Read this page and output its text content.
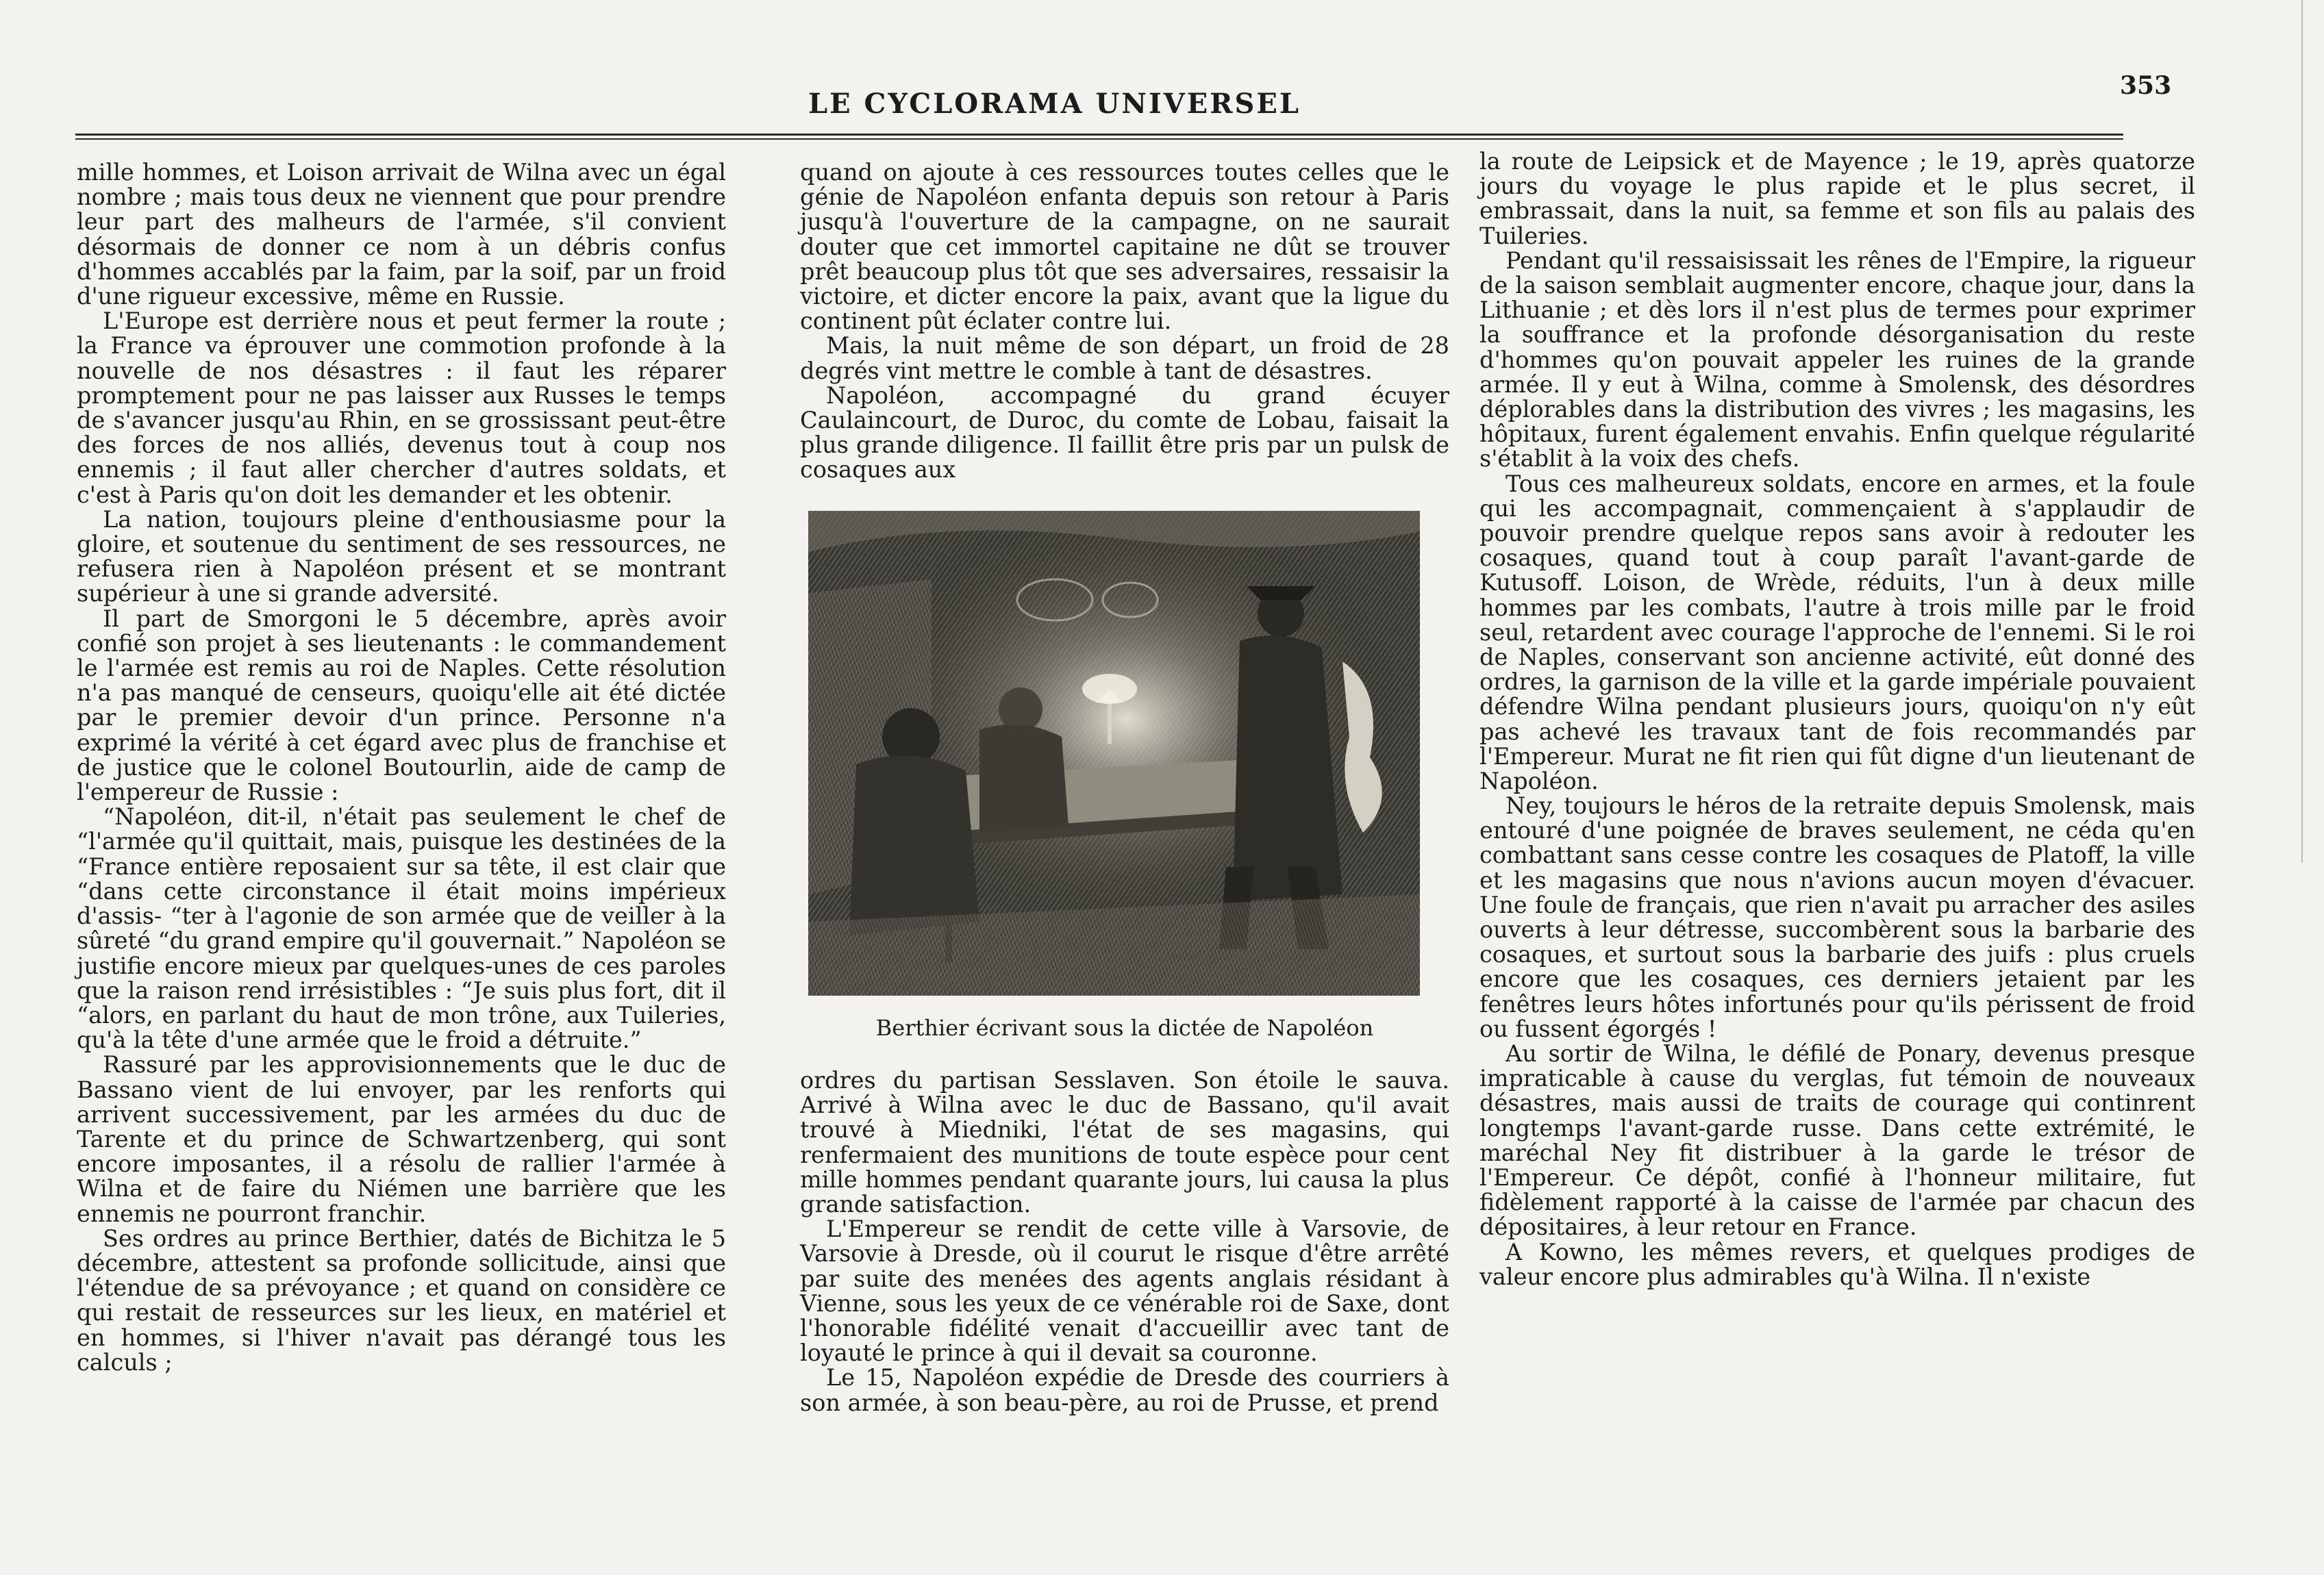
LE CYCLORAMA UNIVERSEL
353

mille hommes, et Loison arrivait de Wilna avec un égal nombre ; mais tous deux ne viennent que pour prendre leur part des malheurs de l'armée, s'il convient désormais de donner ce nom à un débris confus d'hommes accablés par la faim, par la soif, par un froid d'une rigueur excessive, même en Russie.

L'Europe est derrière nous et peut fermer la route ; la France va éprouver une commotion profonde à la nouvelle de nos désastres : il faut les réparer promptement pour ne pas laisser aux Russes le temps de s'avancer jusqu'au Rhin, en se grossissant peut-être des forces de nos alliés, devenus tout à coup nos ennemis ; il faut aller chercher d'autres soldats, et c'est à Paris qu'on doit les demander et les obtenir.

La nation, toujours pleine d'enthousiasme pour la gloire, et soutenue du sentiment de ses ressources, ne refusera rien à Napoléon présent et se montrant supérieur à une si grande adversité.

Il part de Smorgoni le 5 décembre, après avoir confié son projet à ses lieutenants : le commandement le l'armée est remis au roi de Naples. Cette résolution n'a pas manqué de censeurs, quoiqu'elle ait été dictée par le premier devoir d'un prince. Personne n'a exprimé la vérité à cet égard avec plus de franchise et de justice que le colonel Boutourlin, aide de camp de l'empereur de Russie :

“Napoléon, dit-il, n'était pas seulement le chef de “l'armée qu'il quittait, mais, puisque les destinées de la “France entière reposaient sur sa tête, il est clair que “dans cette circonstance il était moins impérieux d'assis- “ter à l'agonie de son armée que de veiller à la sûreté “du grand empire qu'il gouvernait.” Napoléon se justifie encore mieux par quelques-unes de ces paroles que la raison rend irrésistibles : “Je suis plus fort, dit il “alors, en parlant du haut de mon trône, aux Tuileries, qu'à la tête d'une armée que le froid a détruite.”

Rassuré par les approvisionnements que le duc de Bassano vient de lui envoyer, par les renforts qui arrivent successivement, par les armées du duc de Tarente et du prince de Schwartzenberg, qui sont encore imposantes, il a résolu de rallier l'armée à Wilna et de faire du Niémen une barrière que les ennemis ne pourront franchir.

Ses ordres au prince Berthier, datés de Bichitza le 5 décembre, attestent sa profonde sollicitude, ainsi que l'étendue de sa prévoyance ; et quand on considère ce qui restait de resseurces sur les lieux, en matériel et en hommes, si l'hiver n'avait pas dérangé tous les calculs ;

quand on ajoute à ces ressources toutes celles que le génie de Napoléon enfanta depuis son retour à Paris jusqu'à l'ouverture de la campagne, on ne saurait douter que cet immortel capitaine ne dût se trouver prêt beaucoup plus tôt que ses adversaires, ressaisir la victoire, et dicter encore la paix, avant que la ligue du continent pût éclater contre lui.

Mais, la nuit même de son départ, un froid de 28 degrés vint mettre le comble à tant de désastres.

Napoléon, accompagné du grand écuyer Caulaincourt, de Duroc, du comte de Lobau, faisait la plus grande diligence. Il faillit être pris par un pulsk de cosaques aux

Berthier écrivant sous la dictée de Napoléon

ordres du partisan Sesslaven. Son étoile le sauva. Arrivé à Wilna avec le duc de Bassano, qu'il avait trouvé à Miedniki, l'état de ses magasins, qui renfermaient des munitions de toute espèce pour cent mille hommes pendant quarante jours, lui causa la plus grande satisfaction.

L'Empereur se rendit de cette ville à Varsovie, de Varsovie à Dresde, où il courut le risque d'être arrêté par suite des menées des agents anglais résidant à Vienne, sous les yeux de ce vénérable roi de Saxe, dont l'honorable fidélité venait d'accueillir avec tant de loyauté le prince à qui il devait sa couronne.

Le 15, Napoléon expédie de Dresde des courriers à son armée, à son beau-père, au roi de Prusse, et prend

la route de Leipsick et de Mayence ; le 19, après quatorze jours du voyage le plus rapide et le plus secret, il embrassait, dans la nuit, sa femme et son fils au palais des Tuileries.

Pendant qu'il ressaisissait les rênes de l'Empire, la rigueur de la saison semblait augmenter encore, chaque jour, dans la Lithuanie ; et dès lors il n'est plus de termes pour exprimer la souffrance et la profonde désorganisation du reste d'hommes qu'on pouvait appeler les ruines de la grande armée. Il y eut à Wilna, comme à Smolensk, des désordres déplorables dans la distribution des vivres ; les magasins, les hôpitaux, furent également envahis. Enfin quelque régularité s'établit à la voix des chefs.

Tous ces malheureux soldats, encore en armes, et la foule qui les accompagnait, commençaient à s'applaudir de pouvoir prendre quelque repos sans avoir à redouter les cosaques, quand tout à coup paraît l'avant-garde de Kutusoff. Loison, de Wrède, réduits, l'un à deux mille hommes par les combats, l'autre à trois mille par le froid seul, retardent avec courage l'approche de l'ennemi. Si le roi de Naples, conservant son ancienne activité, eût donné des ordres, la garnison de la ville et la garde impériale pouvaient défendre Wilna pendant plusieurs jours, quoiqu'on n'y eût pas achevé les travaux tant de fois recommandés par l'Empereur. Murat ne fit rien qui fût digne d'un lieutenant de Napoléon.

Ney, toujours le héros de la retraite depuis Smolensk, mais entouré d'une poignée de braves seulement, ne céda qu'en combattant sans cesse contre les cosaques de Platoff, la ville et les magasins que nous n'avions aucun moyen d'évacuer. Une foule de français, que rien n'avait pu arracher des asiles ouverts à leur détresse, succombèrent sous la barbarie des cosaques, et surtout sous la barbarie des juifs : plus cruels encore que les cosaques, ces derniers jetaient par les fenêtres leurs hôtes infortunés pour qu'ils périssent de froid ou fussent égorgés !

Au sortir de Wilna, le défilé de Ponary, devenus presque impraticable à cause du verglas, fut témoin de nouveaux désastres, mais aussi de traits de courage qui continrent longtemps l'avant-garde russe. Dans cette extrémité, le maréchal Ney fit distribuer à la garde le trésor de l'Empereur. Ce dépôt, confié à l'honneur militaire, fut fidèlement rapporté à la caisse de l'armée par chacun des dépositaires, à leur retour en France.

A Kowno, les mêmes revers, et quelques prodiges de valeur encore plus admirables qu'à Wilna. Il n'existe
